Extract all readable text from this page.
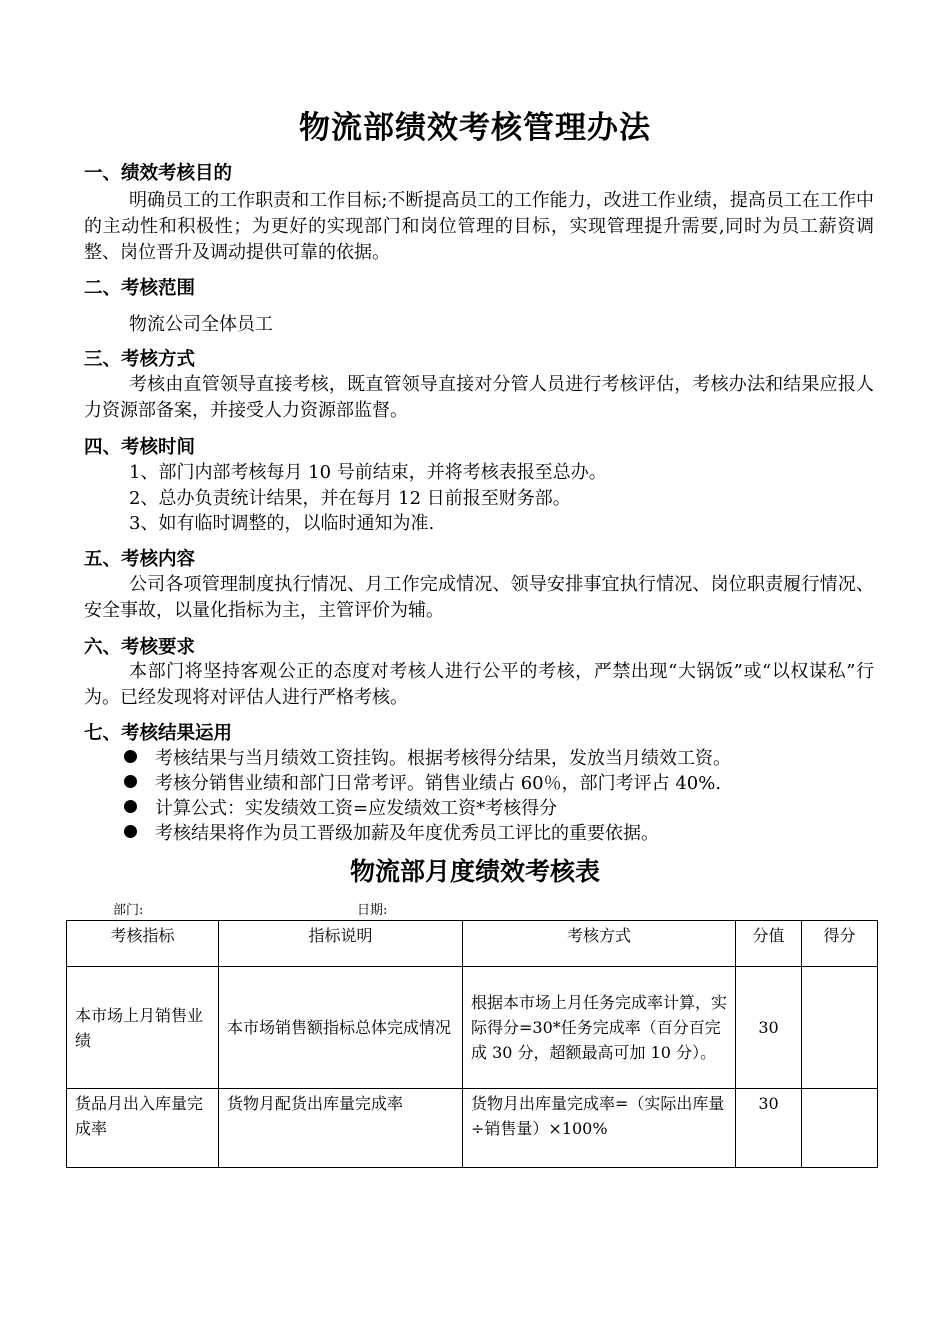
物流部绩效考核管理办法
一、绩效考核目的
明确员工的工作职责和工作目标;不断提高员工的工作能力，改进工作业绩，提高员工在工作中的主动性和积极性；为更好的实现部门和岗位管理的目标，实现管理提升需要,同时为员工薪资调整、岗位晋升及调动提供可靠的依据。
二、考核范围
物流公司全体员工
三、考核方式
考核由直管领导直接考核，既直管领导直接对分管人员进行考核评估，考核办法和结果应报人力资源部备案，并接受人力资源部监督。
四、考核时间
1、部门内部考核每月 10 号前结束，并将考核表报至总办。
2、总办负责统计结果，并在每月 12 日前报至财务部。
3、如有临时调整的，以临时通知为准.
五、考核内容
公司各项管理制度执行情况、月工作完成情况、领导安排事宜执行情况、岗位职责履行情况、安全事故，以量化指标为主，主管评价为辅。
六、考核要求
本部门将坚持客观公正的态度对考核人进行公平的考核，严禁出现“大锅饭”或“以权谋私”行为。已经发现将对评估人进行严格考核。
七、考核结果运用
考核结果与当月绩效工资挂钩。根据考核得分结果，发放当月绩效工资。
考核分销售业绩和部门日常考评。销售业绩占 60％，部门考评占 40%.
计算公式：实发绩效工资=应发绩效工资*考核得分
考核结果将作为员工晋级加薪及年度优秀员工评比的重要依据。
物流部月度绩效考核表
部门:	日期:
考核指标	指标说明	考核方式	分值	得分
本市场上月销售业绩	本市场销售额指标总体完成情况	根据本市场上月任务完成率计算，实际得分=30*任务完成率（百分百完成 30 分，超额最高可加 10 分）。	30	
货品月出入库量完成率	货物月配货出库量完成率	货物月出库量完成率=（实际出库量÷销售量）×100%	30	
